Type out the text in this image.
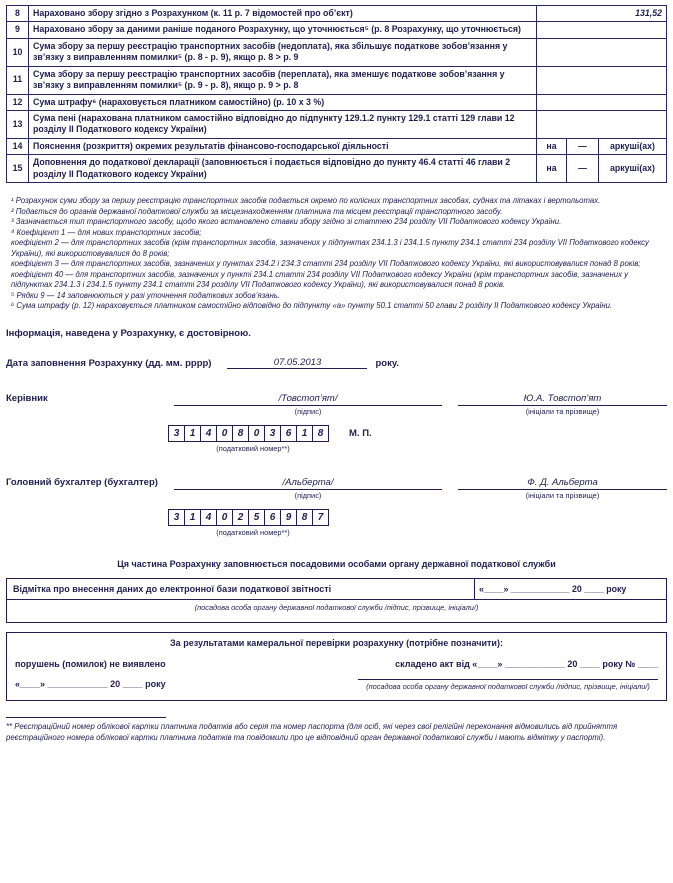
8	Нараховано збору згідно з Розрахунком (к. 11 р. 7 відомостей про об’єкт)	131,52		
9	Нараховано збору за даними раніше поданого Розрахунку, що уточнюється⁵ (р. 8 Розрахунку, що уточнюється)			
10	Сума збору за першу реєстрацію транспортних засобів (недоплата), яка збільшує податкове зобов’язання у зв’язку з виправленням помилки⁵ (р. 8 - р. 9), якщо р. 8 > р. 9			
11	Сума збору за першу реєстрацію транспортних засобів (переплата), яка зменшує податкове зобов’язання у зв’язку з виправленням помилки⁵ (р. 9 - р. 8), якщо р. 9 > р. 8			
12	Сума штрафу⁶ (нараховується платником самостійно) (р. 10 х 3 %)			
13	Сума пені (нарахована платником самостійно відповідно до підпункту 129.1.2 пункту 129.1 статті 129 глави 12 розділу II Податкового кодексу України)			
14	Пояснення (розкриття) окремих результатів фінансово-господарської діяльності	на	—	аркуші(ах)
15	Доповнення до податкової декларації (заповнюється і подається відповідно до пункту 46.4 статті 46 глави 2 розділу II Податкового кодексу України)	на	—	аркуші(ах)
¹ Розрахунок суми збору за першу реєстрацію транспортних засобів подається окремо по колісних транспортних засобах, суднах та літаках і вертольотах.
² Подається до органів державної податкової служби за місцезнаходженням платника та місцем реєстрації транспортного засобу.
³ Зазначається тип транспортного засобу, щодо якого встановлено ставки збору згідно зі статтею 234 розділу VII Податкового кодексу України.
⁴ Коефіцієнт 1 — для нових транспортних засобів;
коефіцієнт 2 — для транспортних засобів (крім транспортних засобів, зазначених у підпунктах 234.1.3 і 234.1.5 пункту 234.1 статті 234 розділу VII Податкового кодексу України), які використовувалися до 8 років;
коефіцієнт 3 — для транспортних засобів, зазначених у пунктах 234.2 і 234.3 статті 234 розділу VII Податкового кодексу України, які використовувалися понад 8 років;
коефіцієнт 40 — для транспортних засобів, зазначених у пункті 234.1 статті 234 розділу VII Податкового кодексу України (крім транспортних засобів, зазначених у підпунктах 234.1.3 і 234.1.5 пункту 234.1 статті 234 розділу VII Податкового кодексу України), які використовувалися понад 8 років.
⁵ Рядки 9 — 14 заповнюються у разі уточнення податкових зобов’язань.
⁶ Сума штрафу (р. 12) нараховується платником самостійно відповідно до підпункту «а» пункту 50.1 статті 50 глави 2 розділу II Податкового кодексу України.
Інформація, наведена у Розрахунку, є достовірною.
Дата заповнення Розрахунку (дд. мм. рррр)	07.05.2013	року.
Керівник	/Товстоп’ят/
(підпис)
Ю.А. Товстоп’ят
(ініціали та прізвище)
3	1	4	0	8	0	3	6	1	8	М. П.
(податковий номер**)
Головний бухгалтер (бухгалтер)	/Альберта/
(підпис)
Ф. Д. Альберта
(ініціали та прізвище)
3	1	4	0	2	5	6	9	8	7
(податковий номер**)
Ця частина Розрахунку заповнюється посадовими особами органу державної податкової служби
Відмітка про внесення даних до електронної бази податкової звітності	«____» ____________ 20 ____ року
(посадова особа органу державної податкової служби /підпис, прізвище, ініціали/)
За результатами камеральної перевірки розрахунку (потрібне позначити):
порушень (помилок) не виявлено	складено акт від «____» ____________ 20 ____ року № ____
«____» ____________ 20 ____ року	(посадова особа органу державної податкової служби /підпис, прізвище, ініціали/)
** Реєстраційний номер облікової картки платника податків або серія та номер паспорта (для осіб, які через свої релігійні переконання відмовились від прийняття реєстраційного номера облікової картки платника податків та повідомили про це відповідний орган державної податкової служби і мають відмітку у паспорті).
